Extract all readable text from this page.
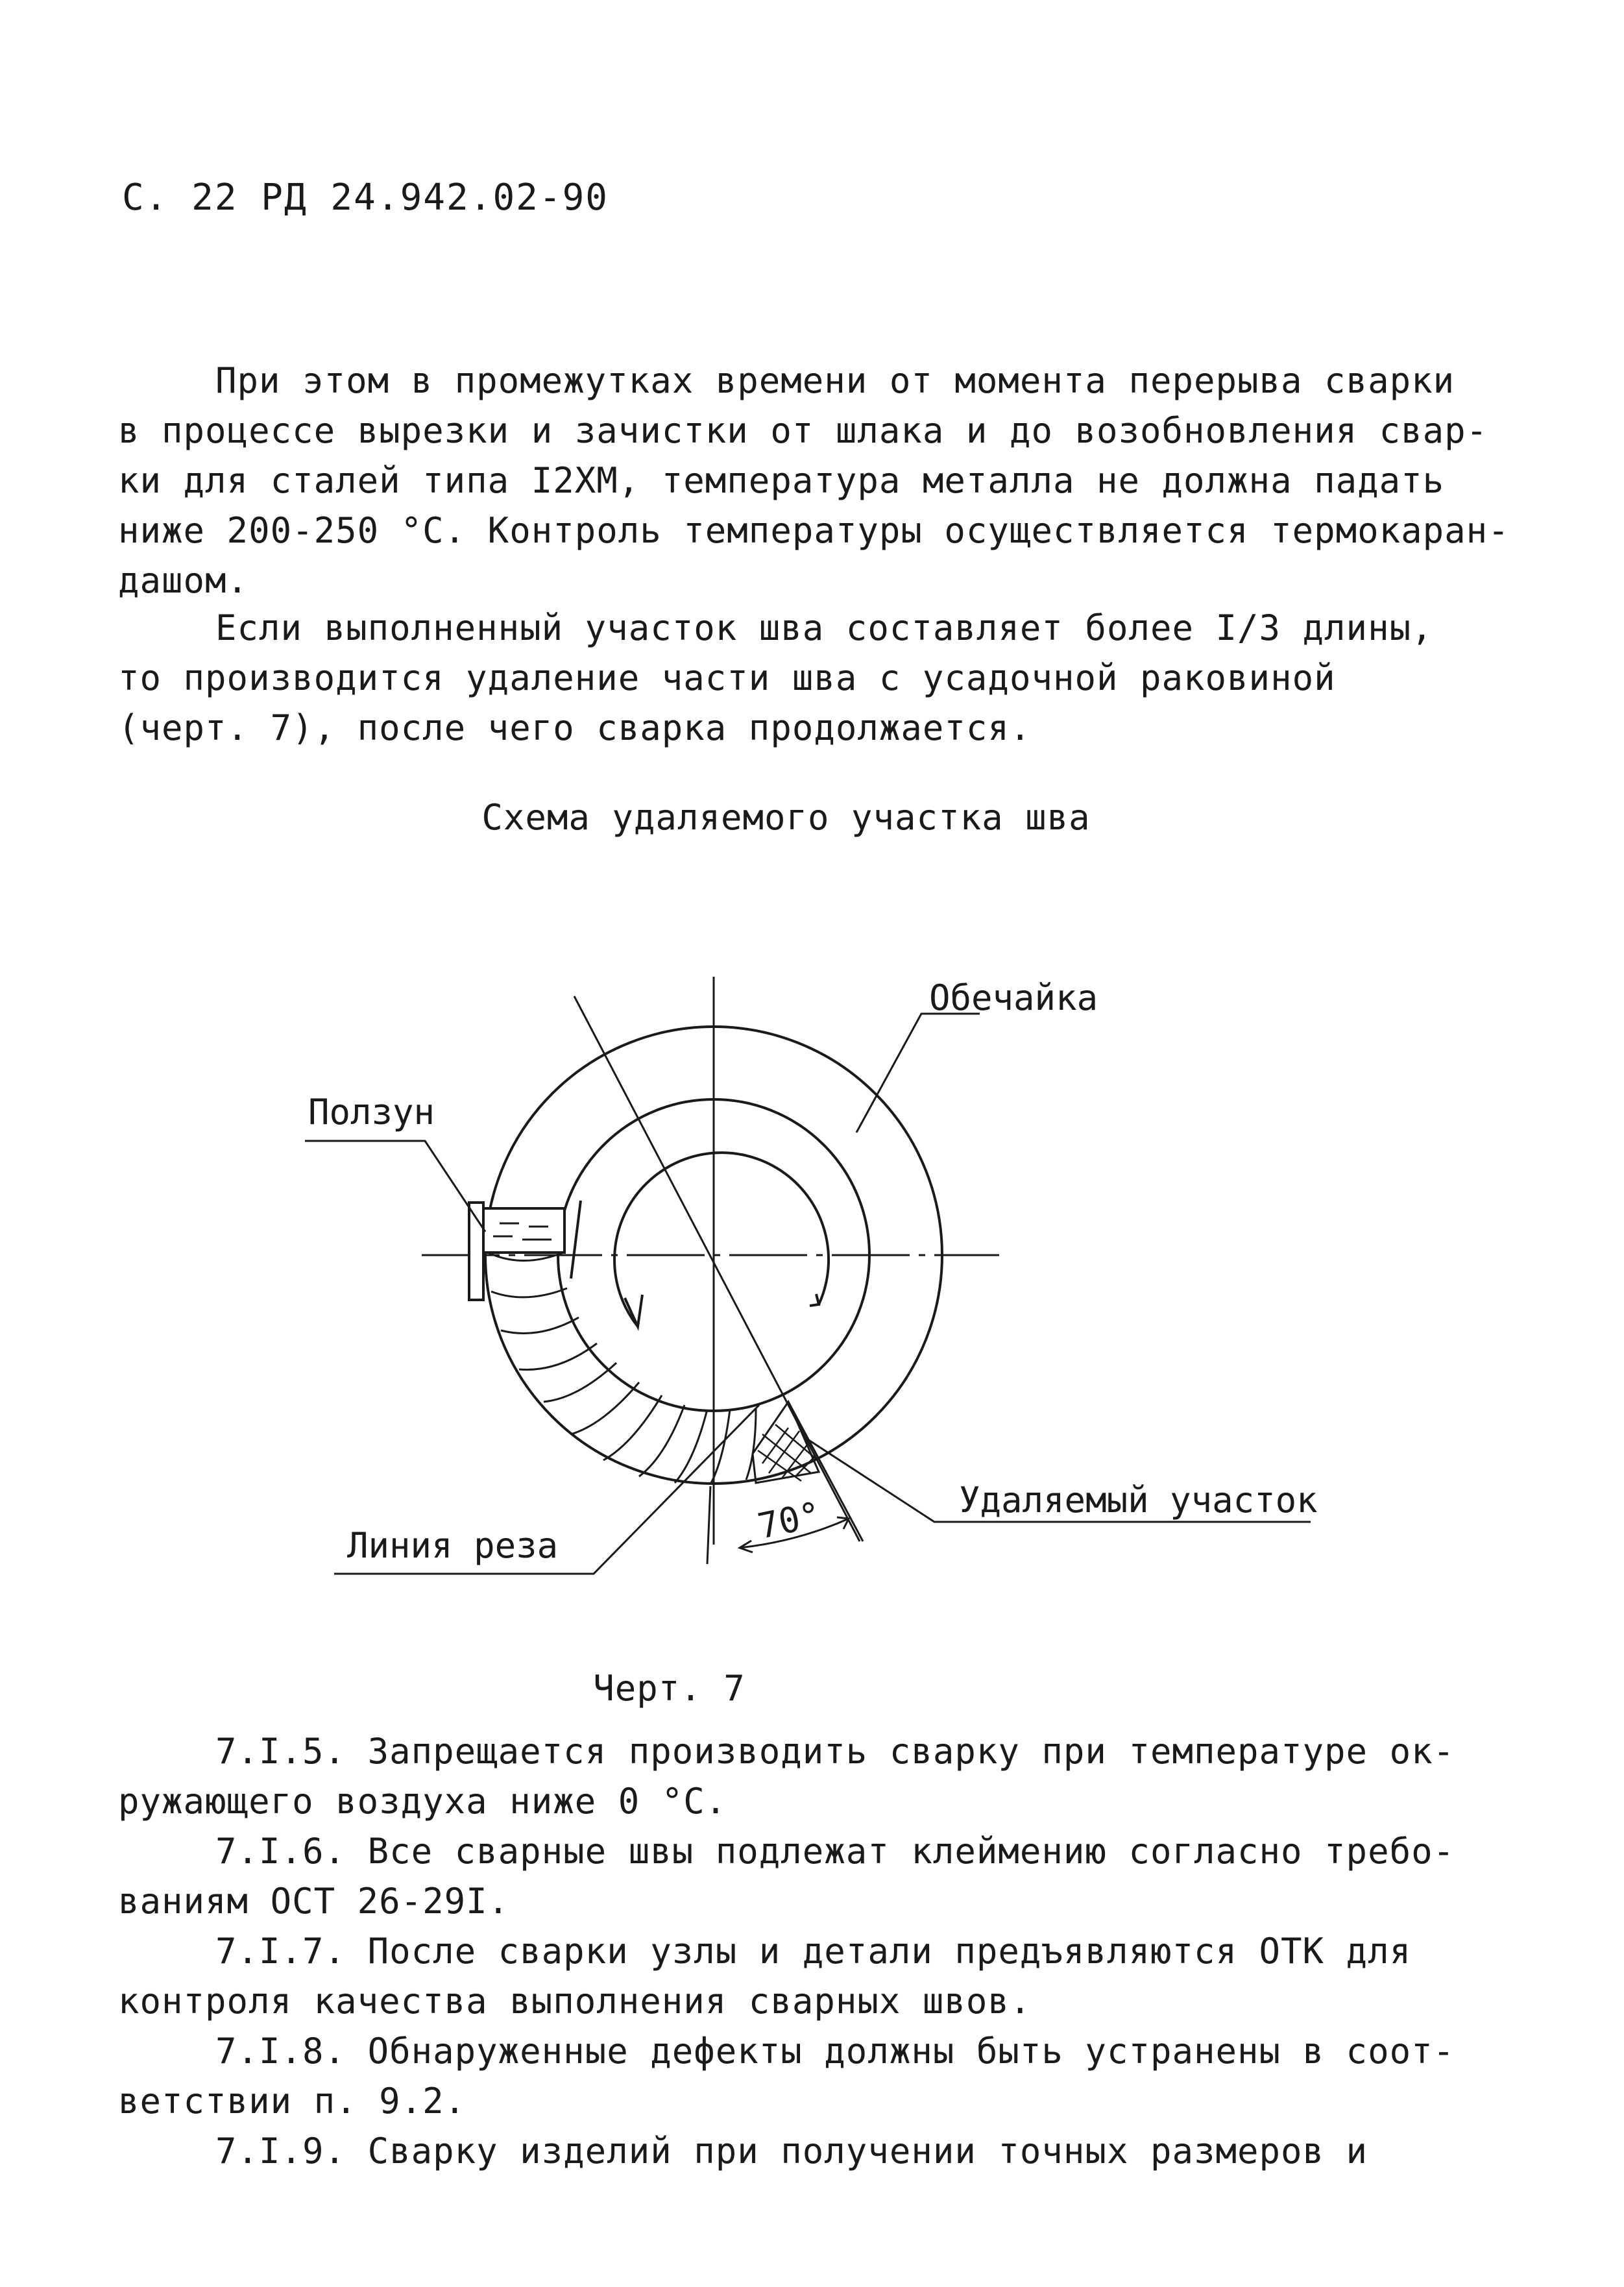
С. 22 РД 24.942.02-90
При этом в промежутках времени от момента перерыва сварки
в процессе вырезки и зачистки от шлака и до возобновления свар-
ки для сталей типа I2ХМ, температура металла не должна падать
ниже 200-250 °С. Контроль температуры осуществляется термокаран-
дашом.
Если выполненный участок шва составляет более I/3 длины,
то производится удаление части шва с усадочной раковиной
(черт. 7), после чего сварка продолжается.
Схема удаляемого участка шва
Обечайка
Ползун
Удаляемый участок
Линия реза	70°
Черт. 7
7.I.5. Запрещается производить сварку при температуре ок-
ружающего воздуха ниже 0 °С.
7.I.6. Все сварные швы подлежат клеймению согласно требо-
ваниям ОСТ 26-29I.
7.I.7. После сварки узлы и детали предъявляются ОТК для
контроля качества выполнения сварных швов.
7.I.8. Обнаруженные дефекты должны быть устранены в соот-
ветствии п. 9.2.
7.I.9. Сварку изделий при получении точных размеров и
